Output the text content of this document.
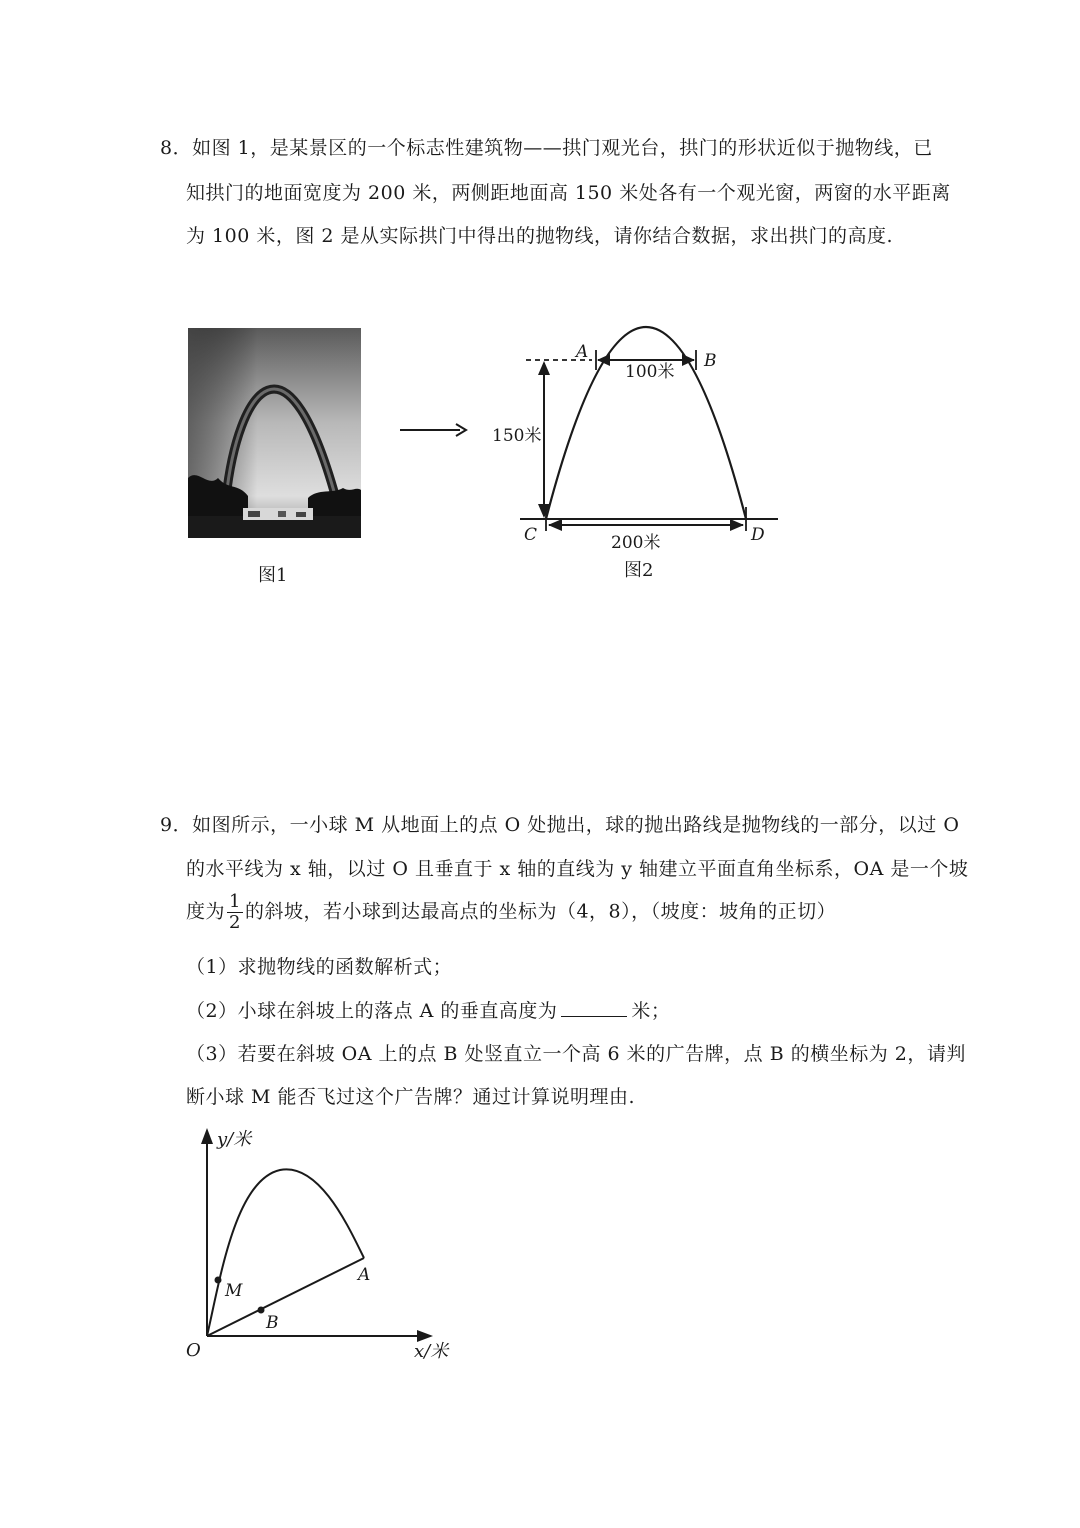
8．如图 1，是某景区的一个标志性建筑物——拱门观光台，拱门的形状近似于抛物线，已
知拱门的地面宽度为 200 米，两侧距地面高 150 米处各有一个观光窗，两窗的水平距离
为 100 米，图 2 是从实际拱门中得出的抛物线，请你结合数据，求出拱门的高度.
图1
A	B
C	D
100米
150米
200米
图2
9．如图所示，一小球 M 从地面上的点 O 处抛出，球的抛出路线是抛物线的一部分，以过 O
的水平线为 x 轴，以过 O 且垂直于 x 轴的直线为 y 轴建立平面直角坐标系，OA 是一个坡
度为 $\frac{1}{2}$ 的斜坡，若小球到达最高点的坐标为（4，8），（坡度：坡角的正切）
（1）求抛物线的函数解析式；
（2）小球在斜坡上的落点 A 的垂直高度为	米；
（3）若要在斜坡 OA 上的点 B 处竖直立一个高 6 米的广告牌，点 B 的横坐标为 2，请判
断小球 M 能否飞过这个广告牌？通过计算说明理由.
y/米
x/米
O
M
B
A
